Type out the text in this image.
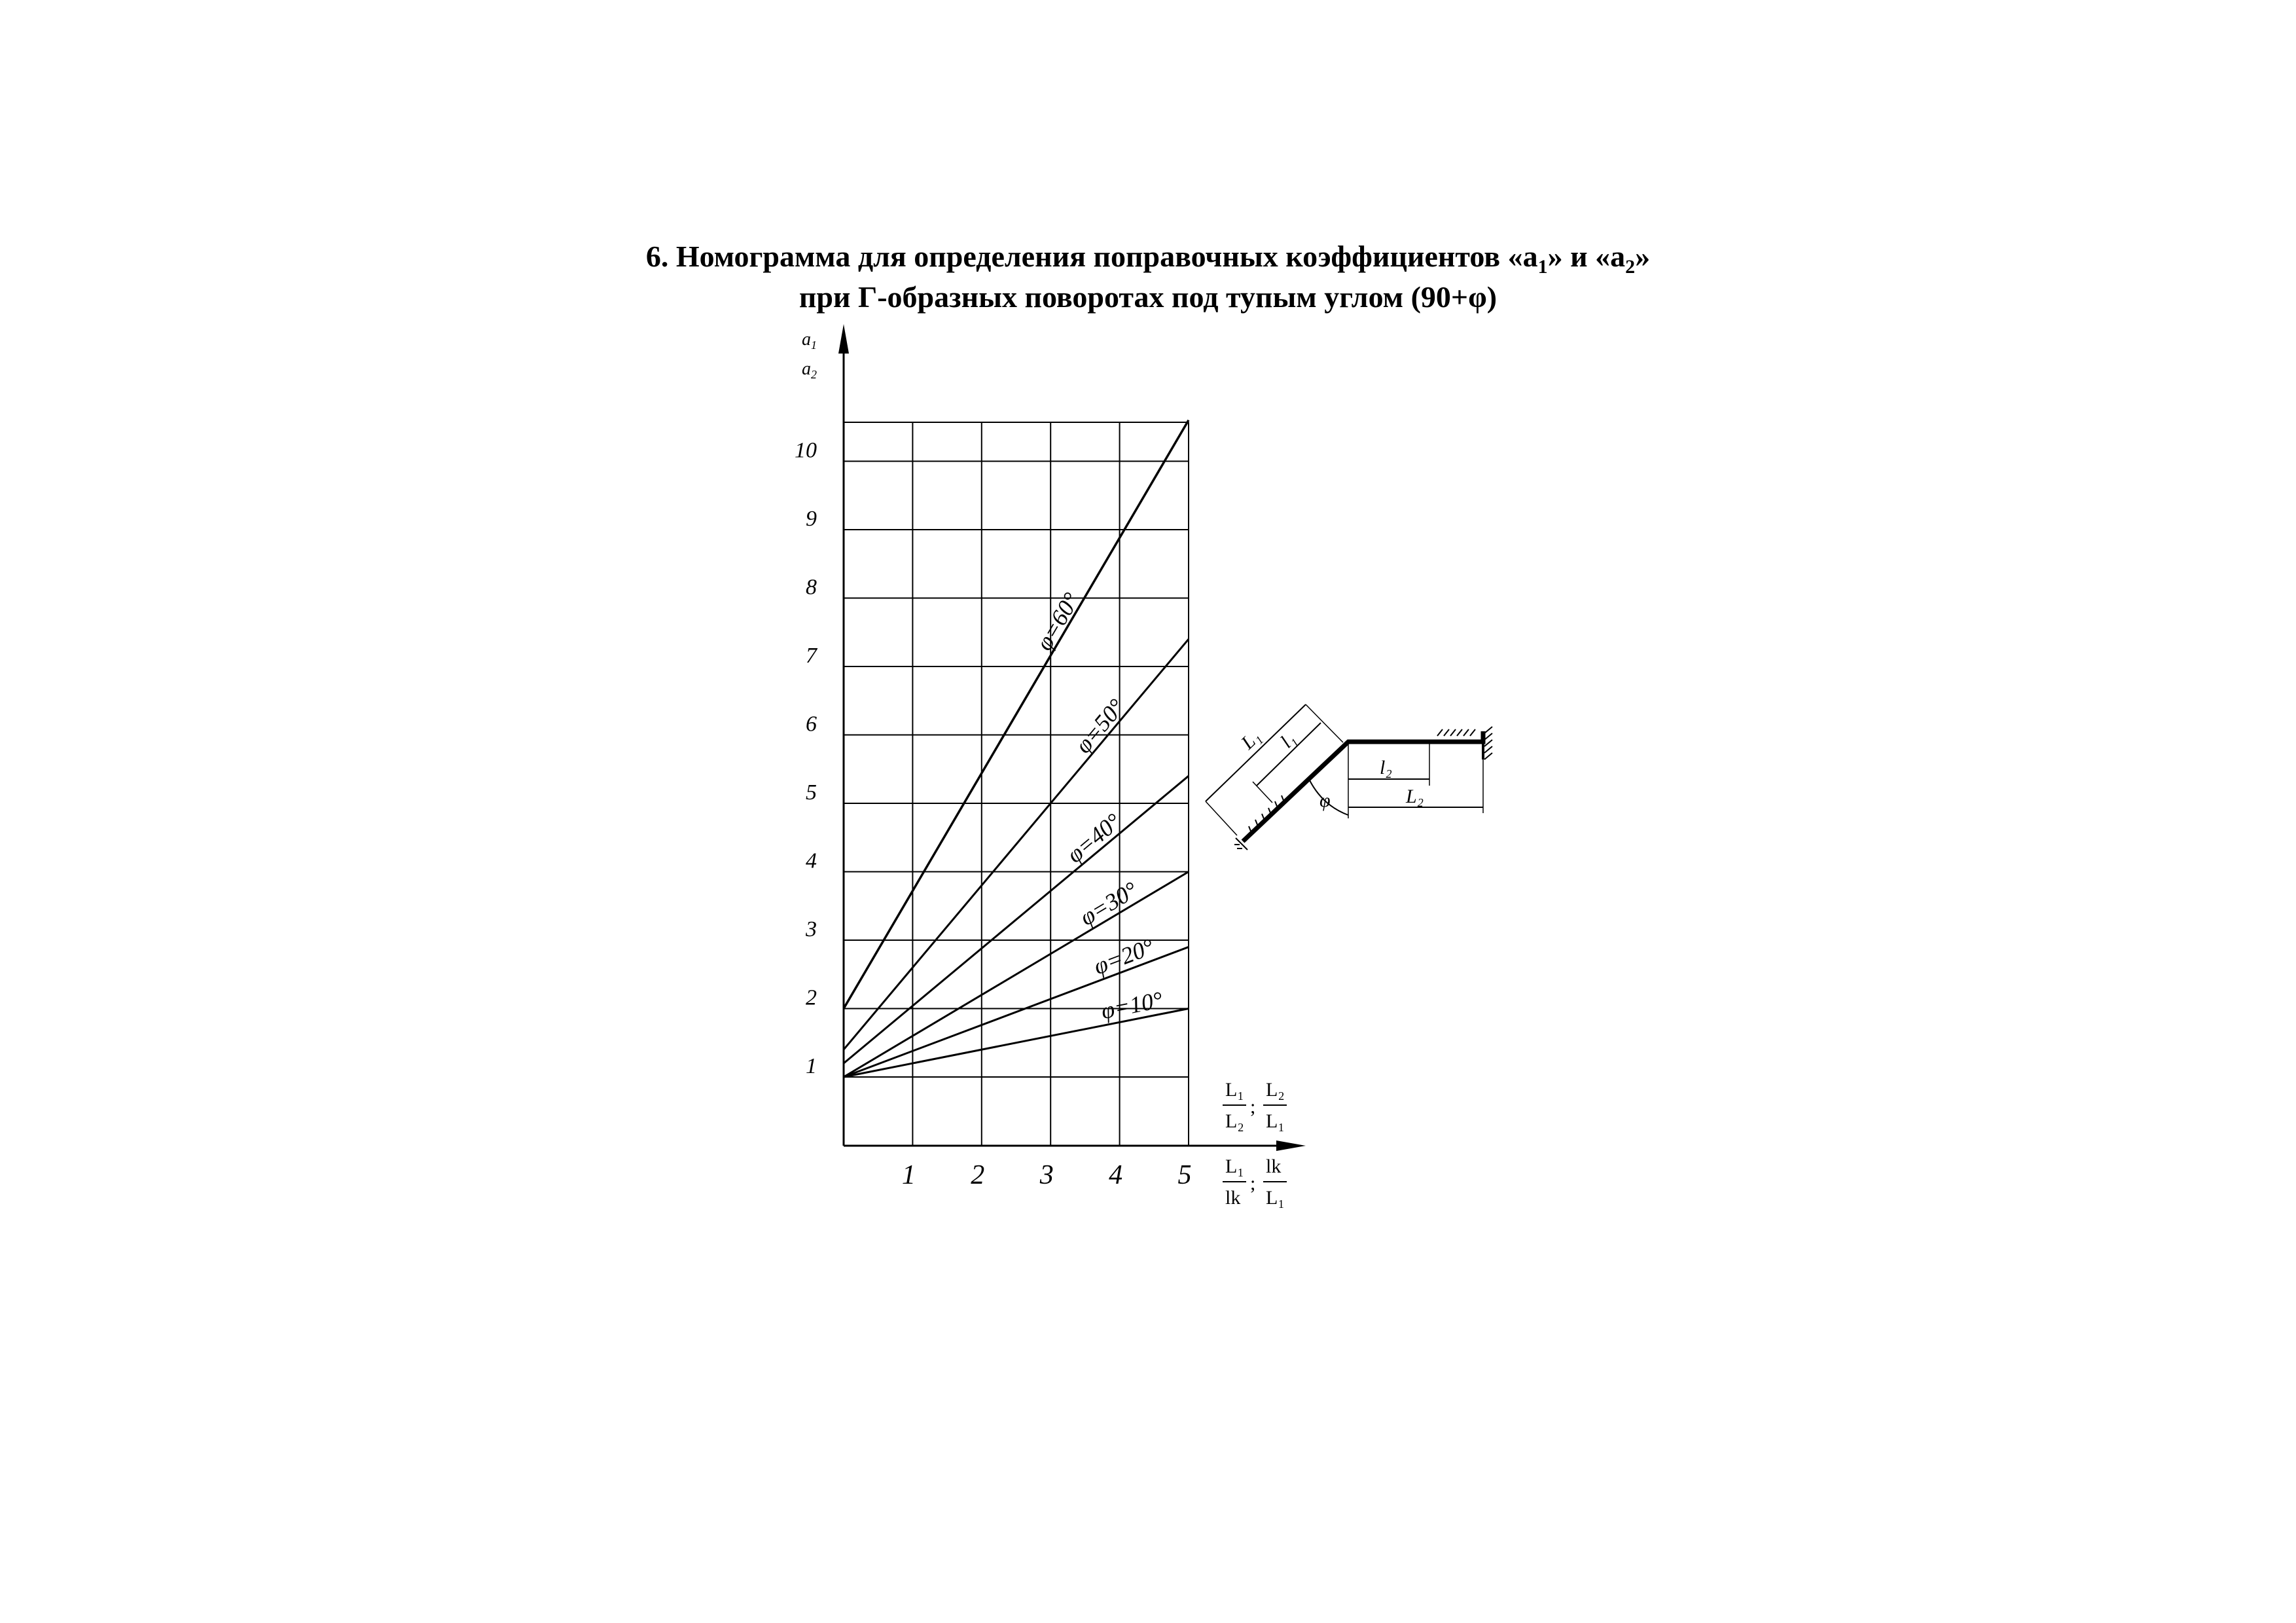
6. Номограмма для определения поправочных коэффициентов «$а_1$» и «$а_2$»
при Г-образных поворотах под тупым углом (90+φ)
1
2
3
4
5
6
7
8
9
10
1 2 3 4 5
φ=10°
φ=20°
φ=30°
φ=40°
φ=50°
φ=60°
$a_1$
$a_2$
L₁
L₂
;
L₂
L₁
L₁
lk
;
lk
L₁
L₁ l₁
φ
l₂
L₂
